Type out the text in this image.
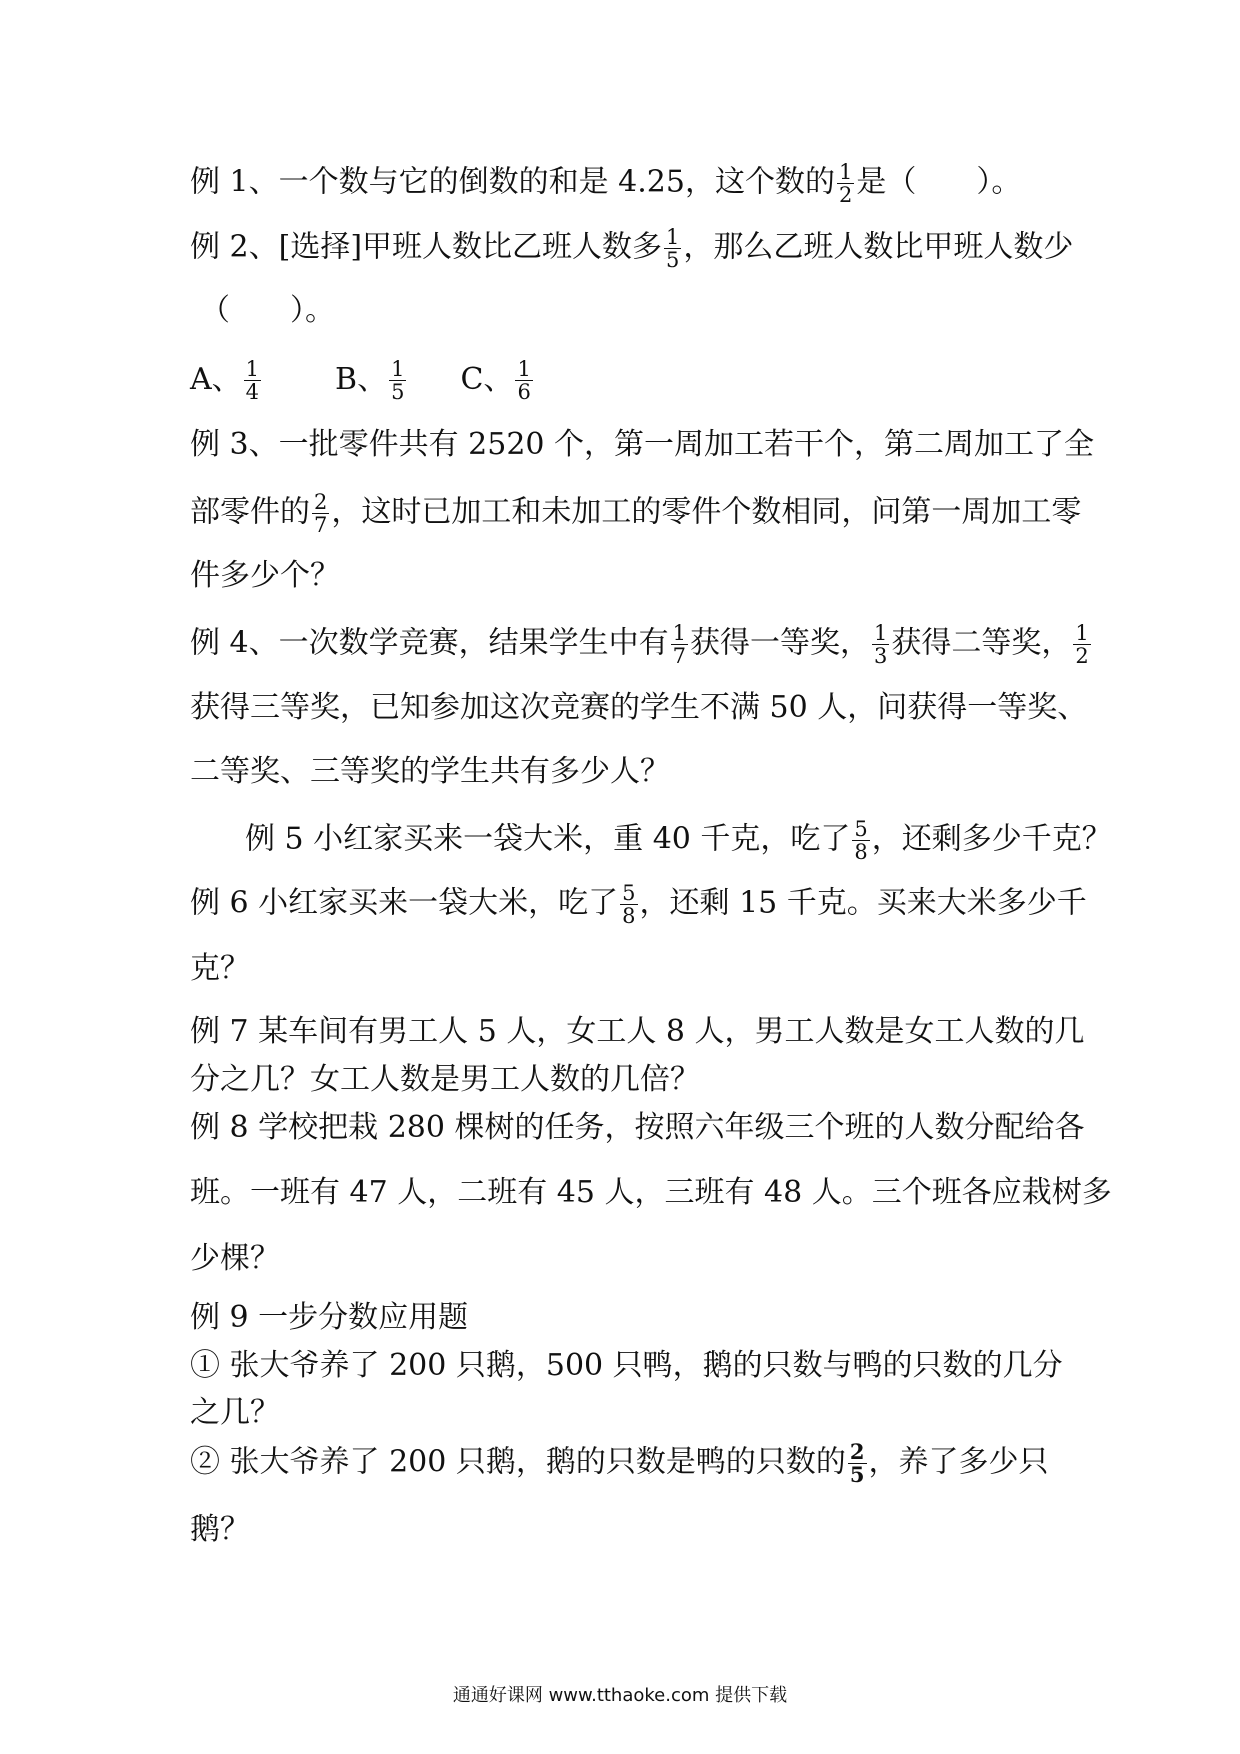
例 1、一个数与它的倒数的和是 4.25，这个数的 $\frac{1}{2}$ 是（　　）。
例 2、[选择]甲班人数比乙班人数多 $\frac{1}{5}$ ，那么乙班人数比甲班人数少
（　　）。
A、 $\frac{1}{4}$ B、 $\frac{1}{5}$ C、 $\frac{1}{6}$
例 3、一批零件共有 2520 个，第一周加工若干个，第二周加工了全
部零件的 $\frac{2}{7}$ ，这时已加工和未加工的零件个数相同，问第一周加工零
件多少个？
例 4、一次数学竞赛，结果学生中有 $\frac{1}{7}$ 获得一等奖， $\frac{1}{3}$ 获得二等奖， $\frac{1}{2}$
获得三等奖，已知参加这次竞赛的学生不满 50 人，问获得一等奖、
二等奖、三等奖的学生共有多少人？
例 5 小红家买来一袋大米，重 40 千克，吃了 $\frac{5}{8}$ ，还剩多少千克？
例 6 小红家买来一袋大米，吃了 $\frac{5}{8}$ ，还剩 15 千克。买来大米多少千
克？
例 7 某车间有男工人 5 人，女工人 8 人，男工人数是女工人数的几
分之几？女工人数是男工人数的几倍？
例 8 学校把栽 280 棵树的任务，按照六年级三个班的人数分配给各
班。一班有 47 人，二班有 45 人，三班有 48 人。三个班各应栽树多
少棵？
例 9 一步分数应用题
① 张大爷养了 200 只鹅，500 只鸭，鹅的只数与鸭的只数的几分
之几？
② 张大爷养了 200 只鹅，鹅的只数是鸭的只数的 $\frac{2}{5}$ ，养了多少只
鹅？
通通好课网 www.tthaoke.com 提供下载
